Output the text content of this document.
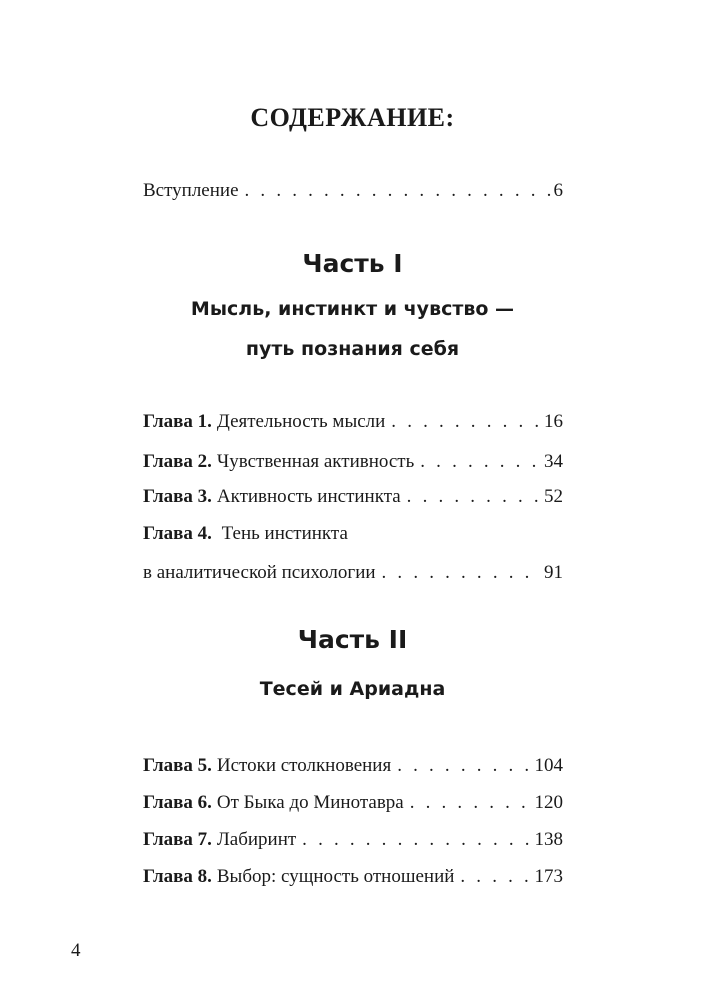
СОДЕРЖАНИЕ:
Вступление . . .	6
Часть I
Мысль, инстинкт и чувство —
путь познания себя
Глава 1. Деятельность мысли . . .	16
Глава 2. Чувственная активность . . .	34
Глава 3. Активность инстинкта . . .	52
Глава 4. Тень инстинкта
в аналитической психологии . . .	91
Часть II
Тесей и Ариадна
Глава 5. Истоки столкновения . . .	104
Глава 6. От Быка до Минотавра . . .	120
Глава 7. Лабиринт . . .	138
Глава 8. Выбор: сущность отношений . . .	173
4
